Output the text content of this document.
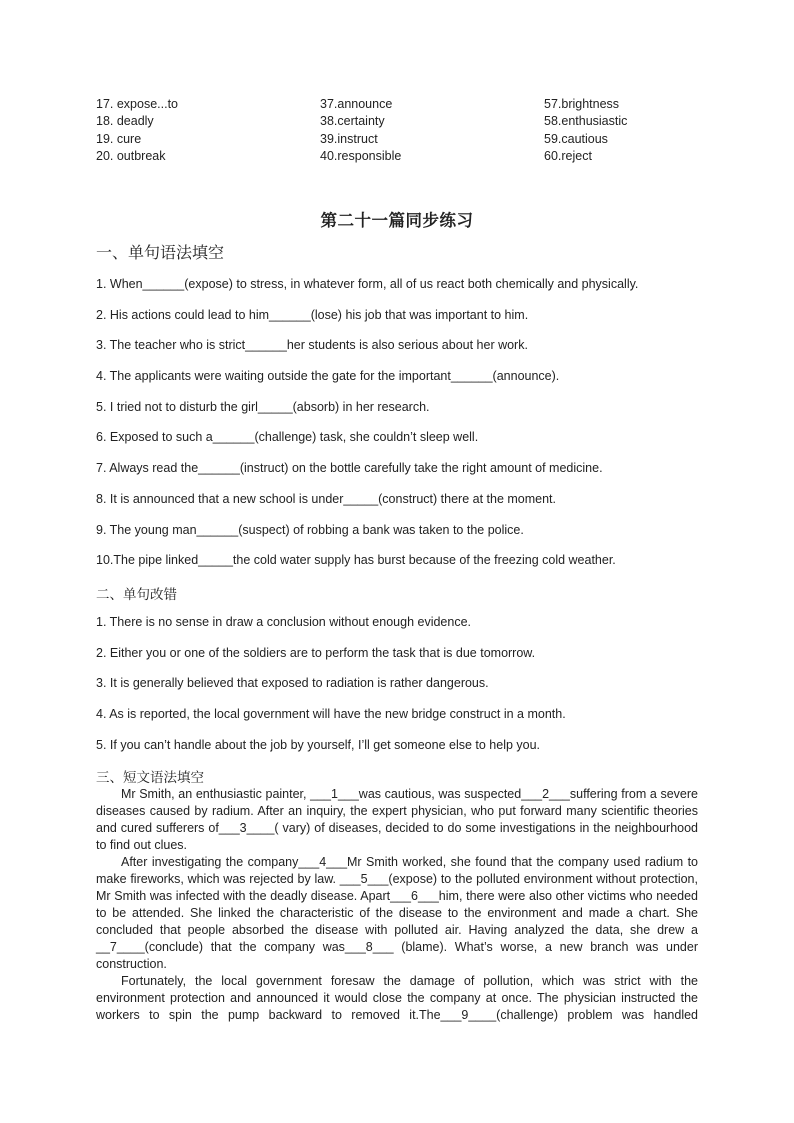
17. expose...to
18. deadly
19. cure
20. outbreak
37.announce
38.certainty
39.instruct
40.responsible
57.brightness
58.enthusiastic
59.cautious
60.reject
第二十一篇同步练习
一、单句语法填空
1. When______(expose) to stress, in whatever form, all of us react both chemically and physically.
2. His actions could lead to him______(lose) his job that was important to him.
3. The teacher who is strict______her students is also serious about her work.
4. The applicants were waiting outside the gate for the important______(announce).
5. I tried not to disturb the girl_____(absorb) in her research.
6. Exposed to such a______(challenge) task, she couldn’t sleep well.
7. Always read the______(instruct) on the bottle carefully take the right amount of medicine.
8. It is announced that a new school is under_____(construct) there at the moment.
9. The young man______(suspect) of robbing a bank was taken to the police.
10.The pipe linked_____the cold water supply has burst because of the freezing cold weather.
二、单句改错
1. There is no sense in draw a conclusion without enough evidence.
2. Either you or one of the soldiers are to perform the task that is due tomorrow.
3. It is generally believed that exposed to radiation is rather dangerous.
4. As is reported, the local government will have the new bridge construct in a month.
5. If you can’t handle about the job by yourself, I’ll get someone else to help you.
三、短文语法填空

Mr Smith, an enthusiastic painter, ___1___was cautious, was suspected___2___suffering from a severe diseases caused by radium. After an inquiry, the expert physician, who put forward many scientific theories and cured sufferers of___3____( vary) of diseases, decided to do some investigations in the neighbourhood to find out clues.

After investigating the company___4___Mr Smith worked, she found that the company used radium to make fireworks, which was rejected by law. ___5___(expose) to the polluted environment without protection, Mr Smith was infected with the deadly disease. Apart___6___him, there were also other victims who needed to be attended. She linked the characteristic of the disease to the environment and made a chart. She concluded that people absorbed the disease with polluted air. Having analyzed the data, she drew a __7____(conclude) that the company was___8___ (blame). What’s worse, a new branch was under construction.

Fortunately, the local government foresaw the damage of pollution, which was strict with the environment protection and announced it would close the company at once. The physician instructed the workers to spin the pump backward to removed it.The___9____(challenge) problem was handled
